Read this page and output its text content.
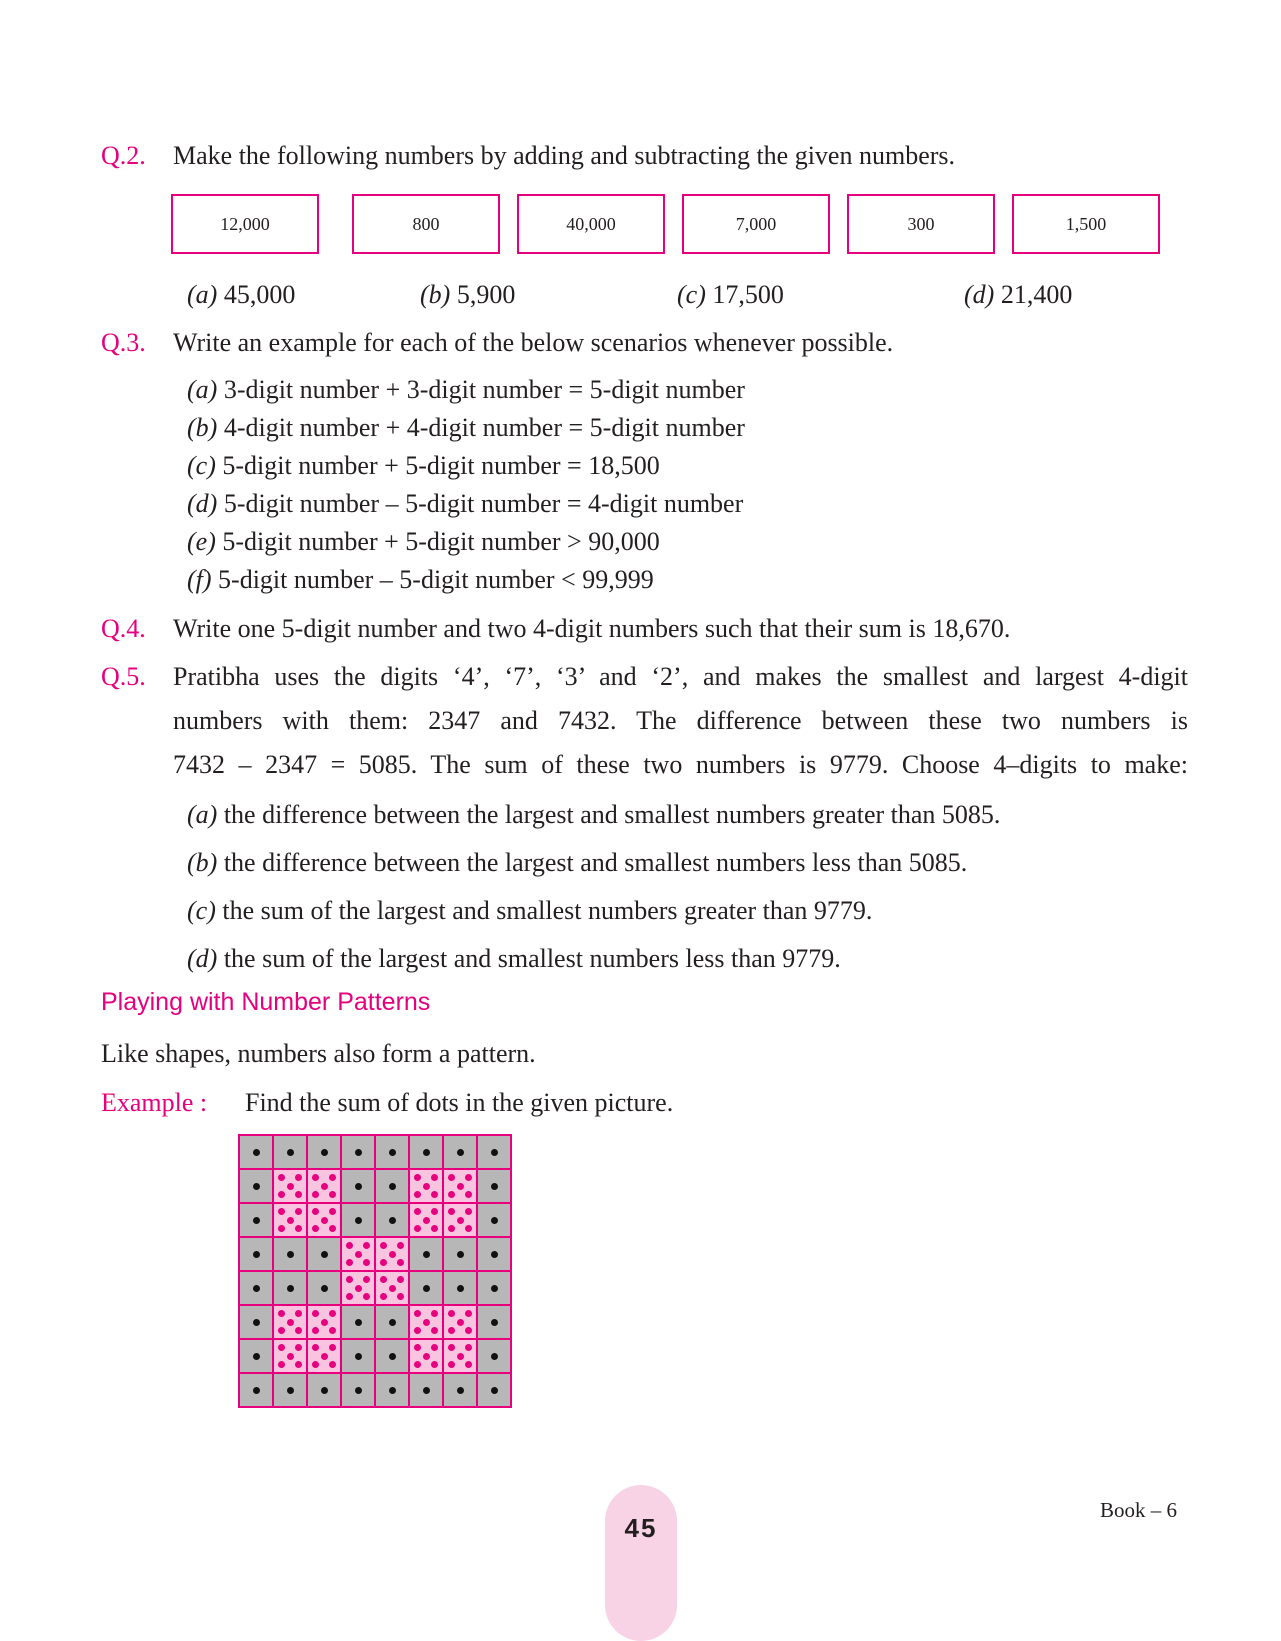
Q.2. Make the following numbers by adding and subtracting the given numbers.
12,000	800	40,000	7,000	300	1,500
(a) 45,000	(b) 5,900	(c) 17,500	(d) 21,400
Q.3. Write an example for each of the below scenarios whenever possible.
(a) 3-digit number + 3-digit number = 5-digit number
(b) 4-digit number + 4-digit number = 5-digit number
(c) 5-digit number + 5-digit number = 18,500
(d) 5-digit number – 5-digit number = 4-digit number
(e) 5-digit number + 5-digit number > 90,000
(f) 5-digit number – 5-digit number < 99,999
Q.4. Write one 5-digit number and two 4-digit numbers such that their sum is 18,670.
Q.5. Pratibha uses the digits ‘4’, ‘7’, ‘3’ and ‘2’, and makes the smallest and largest 4-digit
numbers with them: 2347 and 7432. The difference between these two numbers is
7432 – 2347 = 5085. The sum of these two numbers is 9779. Choose 4–digits to make:
(a) the difference between the largest and smallest numbers greater than 5085.
(b) the difference between the largest and smallest numbers less than 5085.
(c) the sum of the largest and smallest numbers greater than 9779.
(d) the sum of the largest and smallest numbers less than 9779.
Playing with Number Patterns
Like shapes, numbers also form a pattern.
Example : Find the sum of dots in the given picture.
45
Book – 6
